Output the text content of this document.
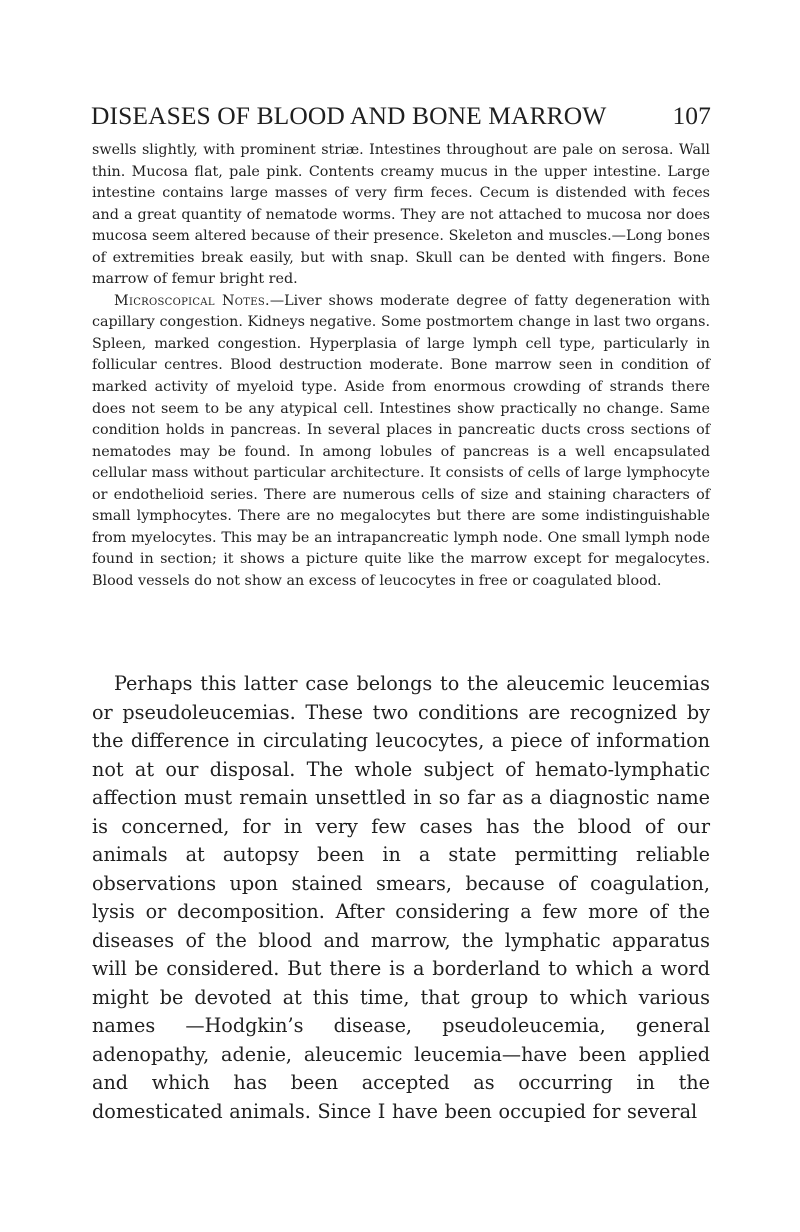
DISEASES OF BLOOD AND BONE MARROW	107

swells slightly, with prominent striæ. Intestines throughout are pale on serosa. Wall thin. Mucosa flat, pale pink. Contents creamy mucus in the upper intestine. Large intestine contains large masses of very firm feces. Cecum is distended with feces and a great quantity of nematode worms. They are not attached to mucosa nor does mucosa seem altered because of their presence. Skeleton and muscles.—Long bones of extremities break easily, but with snap. Skull can be dented with fingers. Bone marrow of femur bright red.

Microscopical Notes.—Liver shows moderate degree of fatty degeneration with capillary congestion. Kidneys negative. Some postmortem change in last two organs. Spleen, marked congestion. Hyperplasia of large lymph cell type, particularly in follicular centres. Blood destruction moderate. Bone marrow seen in condition of marked activity of myeloid type. Aside from enormous crowding of strands there does not seem to be any atypical cell. Intestines show practically no change. Same condition holds in pancreas. In several places in pancreatic ducts cross sections of nematodes may be found. In among lobules of pancreas is a well encapsulated cellular mass without particular architecture. It consists of cells of large lymphocyte or endothelioid series. There are numerous cells of size and staining characters of small lymphocytes. There are no megalocytes but there are some indistinguishable from myelocytes. This may be an intrapancreatic lymph node. One small lymph node found in section; it shows a picture quite like the marrow except for megalocytes. Blood vessels do not show an excess of leucocytes in free or coagulated blood.

Perhaps this latter case belongs to the aleucemic leucemias or pseudoleucemias. These two conditions are recognized by the difference in circulating leucocytes, a piece of information not at our disposal. The whole subject of hemato-lymphatic affection must remain unsettled in so far as a diagnostic name is concerned, for in very few cases has the blood of our animals at autopsy been in a state permitting reliable observations upon stained smears, because of coagulation, lysis or decomposition. After considering a few more of the diseases of the blood and marrow, the lymphatic apparatus will be considered. But there is a borderland to which a word might be devoted at this time, that group to which various names —Hodgkin’s disease, pseudoleucemia, general adenopathy, adenie, aleucemic leucemia—have been applied and which has been accepted as occurring in the domesticated animals. Since I have been occupied for several
